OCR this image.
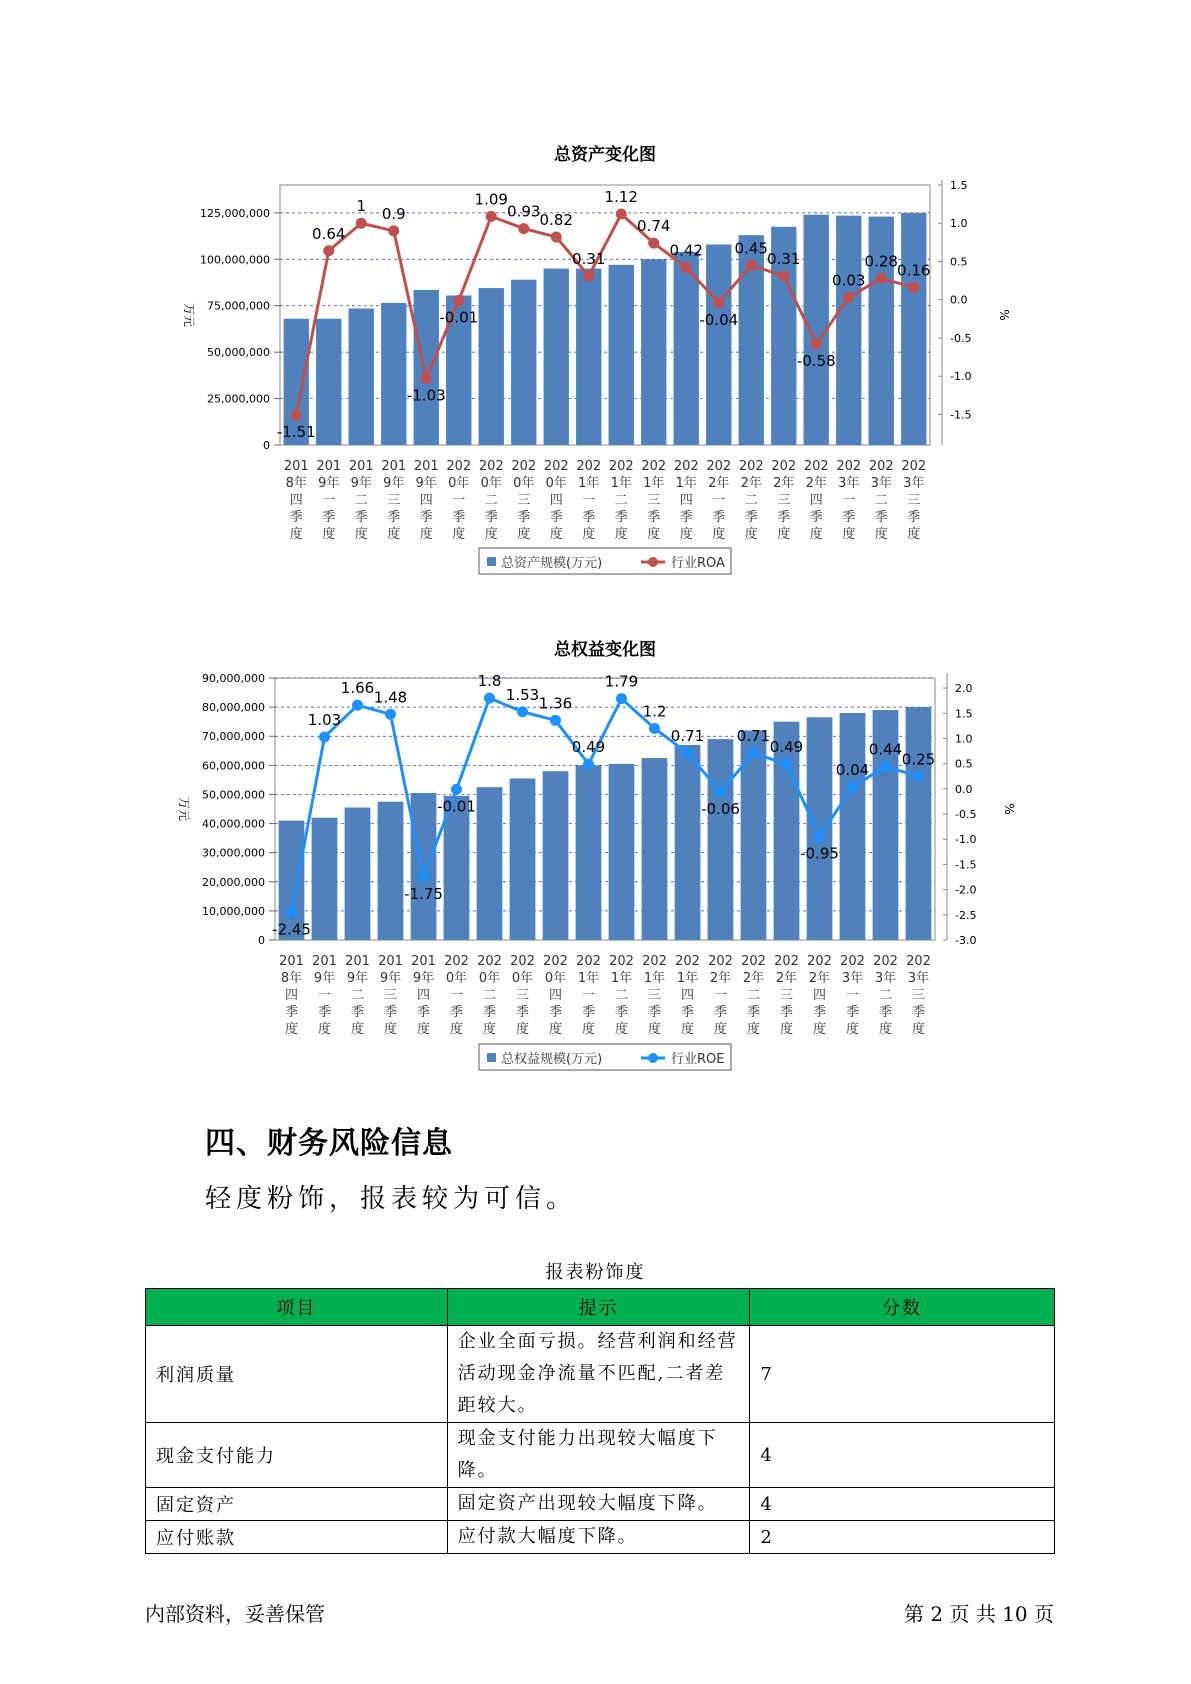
总资产变化图
0
25,000,000
50,000,000
75,000,000
100,000,000
125,000,000
-1.5
-1.0
-0.5
0.0
0.5
1.0
1.5
万元	%
-1.51
0.64
1 0.9
-1.03
-0.01
1.09
0.93 0.82
0.31
1.12
0.74
0.42
-0.04
0.45
0.31
-0.58
0.03
0.28
0.16
201
8年
四
季
度
201
9年
一
季
度
201
9年
二
季
度
201
9年
三
季
度
201
9年
四
季
度
202
0年
一
季
度
202
0年
二
季
度
202
0年
三
季
度
202
0年
四
季
度
202
1年
一
季
度
202
1年
二
季
度
202
1年
三
季
度
202
1年
四
季
度
202
2年
一
季
度
202
2年
二
季
度
202
2年
三
季
度
202
2年
四
季
度
202
3年
一
季
度
202
3年
二
季
度
202
3年
三
季
度
总资产规模(万元)	行业ROA
总权益变化图
0
10,000,000
20,000,000
30,000,000
40,000,000
50,000,000
60,000,000
70,000,000
80,000,000
90,000,000
-3.0
-2.5
-2.0
-1.5
-1.0
-0.5
0.0
0.5
1.0
1.5
2.0
万元	%
-2.45
1.03
1.66
1.48
-1.75
-0.01
1.8
1.53 1.36
0.49
1.79
1.2
0.71
-0.06
0.71
0.49
-0.95
0.04
0.44
0.25
201
8年
四
季
度
201
9年
一
季
度
201
9年
二
季
度
201
9年
三
季
度
201
9年
四
季
度
202
0年
一
季
度
202
0年
二
季
度
202
0年
三
季
度
202
0年
四
季
度
202
1年
一
季
度
202
1年
二
季
度
202
1年
三
季
度
202
1年
四
季
度
202
2年
一
季
度
202
2年
二
季
度
202
2年
三
季
度
202
2年
四
季
度
202
3年
一
季
度
202
3年
二
季
度
202
3年
三
季
度
总权益规模(万元)	行业ROE
四、财务风险信息
轻度粉饰，报表较为可信。
报表粉饰度
项目	提示	分数
利润质量	企业全面亏损。经营利润和经营活动现金净流量不匹配,二者差距较大。	7
现金支付能力	现金支付能力出现较大幅度下降。	4
固定资产	固定资产出现较大幅度下降。	4
应付账款	应付款大幅度下降。	2
内部资料，妥善保管	第 2 页 共 10 页
